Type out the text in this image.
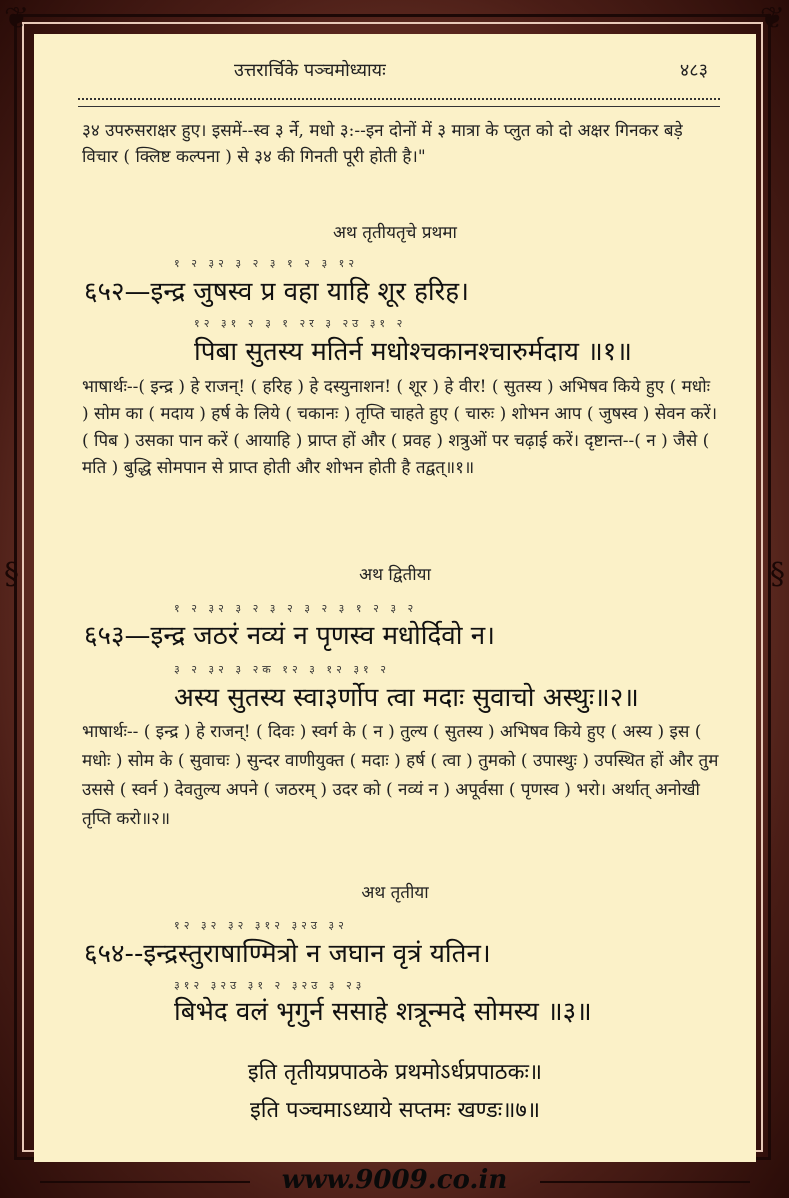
❦	❦
§	§
उत्तरार्चिके पञ्चमोध्यायः	४८३

३४ उपरुसराक्षर हुए। इसमें--स्व ३ र्ने, मधो ३:--इन दोनों में ३ मात्रा के प्लुत को दो अक्षर गिनकर बड़े विचार ( क्लिष्ट कल्पना ) से ३४ की गिनती पूरी होती है।"

अथ तृतीयतृचे प्रथमा
१ २ ३२ ३ २ ३ १ २ ३ १२
६५२—इन्द्र जुषस्व प्र वहा याहि शूर हरिह।
१२ ३१ २ ३ १ २र ३ २उ ३१ २
पिबा सुतस्य मतिर्न मधोश्चकानश्चारुर्मदाय ॥१॥

भाषार्थः--( इन्द्र ) हे राजन्! ( हरिह ) हे दस्युनाशन! ( शूर ) हे वीर! ( सुतस्य ) अभिषव किये हुए ( मधोः ) सोम का ( मदाय ) हर्ष के लिये ( चकानः ) तृप्ति चाहते हुए ( चारुः ) शोभन आप ( जुषस्व ) सेवन करें। ( पिब ) उसका पान करें ( आयाहि ) प्राप्त हों और ( प्रवह ) शत्रुओं पर चढ़ाई करें। दृष्टान्त--( न ) जैसे ( मति ) बुद्धि सोमपान से प्राप्त होती और शोभन होती है तद्वत्॥१॥

अथ द्वितीया
१ २ ३२ ३ २ ३ २ ३ २ ३ १ २ ३ २
६५३—इन्द्र जठरं नव्यं न पृणस्व मधोर्दिवो न।
३ २ ३२ ३ २क १२ ३ १२ ३१ २
अस्य सुतस्य स्वा३र्णोप त्वा मदाः सुवाचो अस्थुः॥२॥

भाषार्थः-- ( इन्द्र ) हे राजन्! ( दिवः ) स्वर्ग के ( न ) तुल्य ( सुतस्य ) अभिषव किये हुए ( अस्य ) इस ( मधोः ) सोम के ( सुवाचः ) सुन्दर वाणीयुक्त ( मदाः ) हर्ष ( त्वा ) तुमको ( उपास्थुः ) उपस्थित हों और तुम उससे ( स्वर्न ) देवतुल्य अपने ( जठरम् ) उदर को ( नव्यं न ) अपूर्वसा ( पृणस्व ) भरो। अर्थात् अनोखी तृप्ति करो॥२॥

अथ तृतीया
१२ ३२ ३२ ३१२ ३२उ ३२
६५४--इन्द्रस्तुराषाण्मित्रो न जघान वृत्रं यतिन।
३१२ ३२उ ३१ २ ३२उ ३ २३
बिभेद वलं भृगुर्न ससाहे शत्रून्मदे सोमस्य ॥३॥
इति तृतीयप्रपाठके प्रथमोऽर्धप्रपाठकः॥
इति पञ्चमाऽध्याये सप्तमः खण्डः॥७॥
www.9009.co.in
